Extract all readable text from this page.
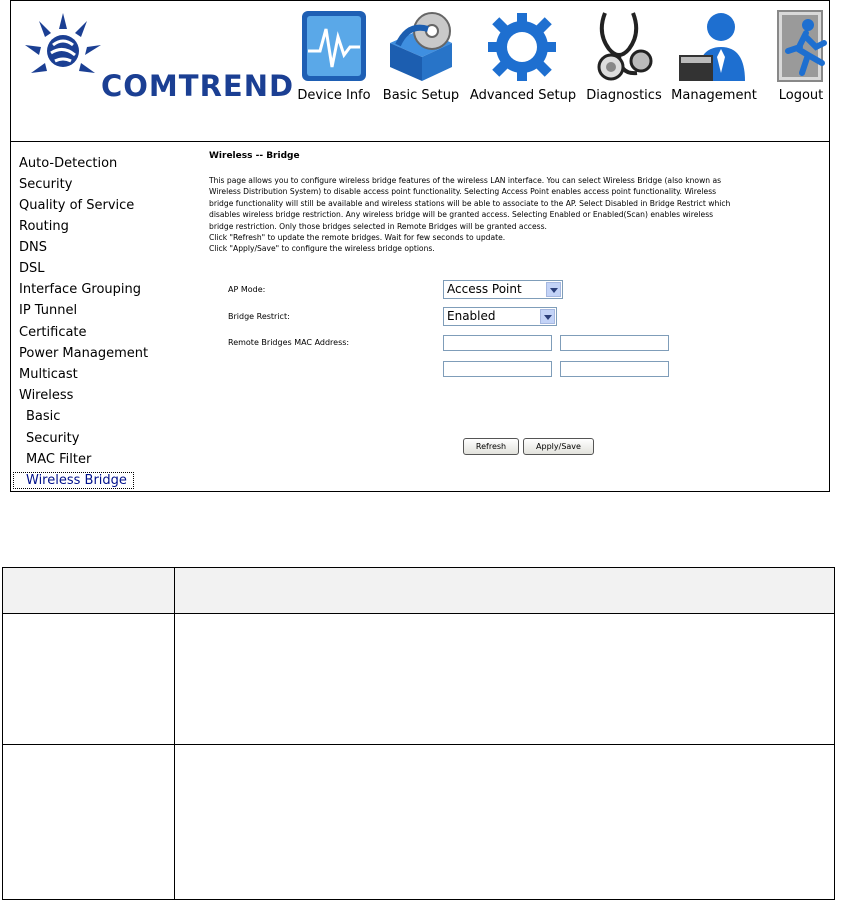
COMTREND Device Info Basic Setup Advanced Setup Diagnostics Management	Logout
Auto-Detection
Security
Quality of Service
Routing
DNS
DSL
Interface Grouping
IP Tunnel
Certificate
Power Management
Multicast
Wireless
Basic
Security
MAC Filter
Wireless Bridge
Wireless -- Bridge

This page allows you to configure wireless bridge features of the wireless LAN interface. You can select Wireless Bridge (also known as

Wireless Distribution System) to disable access point functionality. Selecting Access Point enables access point functionality. Wireless

bridge functionality will still be available and wireless stations will be able to associate to the AP. Select Disabled in Bridge Restrict which

disables wireless bridge restriction. Any wireless bridge will be granted access. Selecting Enabled or Enabled(Scan) enables wireless

bridge restriction. Only those bridges selected in Remote Bridges will be granted access.

Click "Refresh" to update the remote bridges. Wait for few seconds to update.

Click "Apply/Save" to configure the wireless bridge options.

AP Mode:	Access Point
Bridge Restrict:	Enabled
Remote Bridges MAC Address:
Refresh	Apply/Save
